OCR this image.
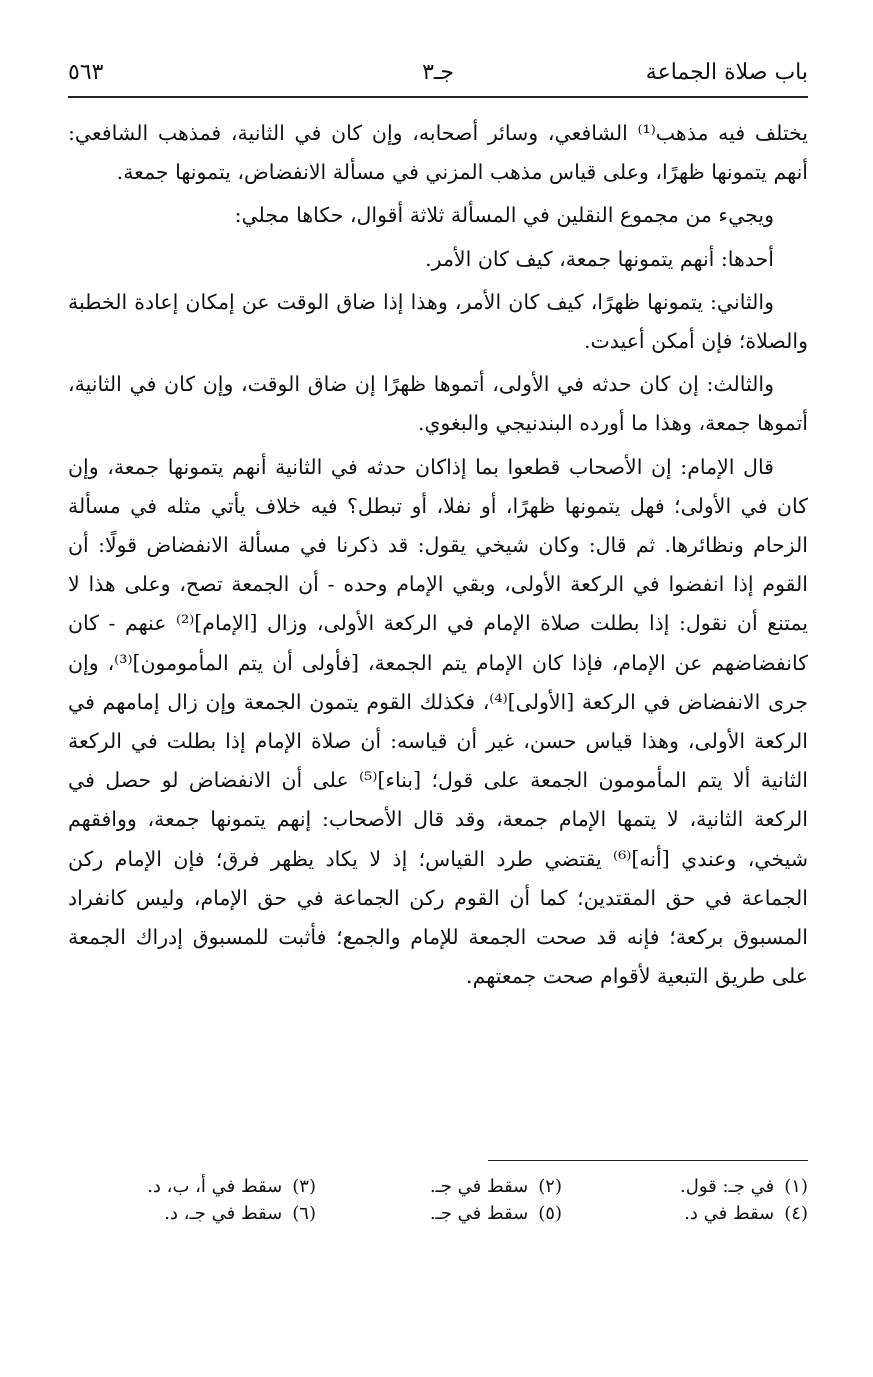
باب صلاة الجماعة
جـ٣
٥٦٣

يختلف فيه مذهب⁽¹⁾ الشافعي، وسائر أصحابه، وإن كان في الثانية، فمذهب الشافعي: أنهم يتمونها ظهرًا، وعلى قياس مذهب المزني في مسألة الانفضاض، يتمونها جمعة.

ويجيء من مجموع النقلين في المسألة ثلاثة أقوال، حكاها مجلي:

أحدها: أنهم يتمونها جمعة، كيف كان الأمر.

والثاني: يتمونها ظهرًا، كيف كان الأمر، وهذا إذا ضاق الوقت عن إمكان إعادة الخطبة والصلاة؛ فإن أمكن أعيدت.

والثالث: إن كان حدثه في الأولى، أتموها ظهرًا إن ضاق الوقت، وإن كان في الثانية، أتموها جمعة، وهذا ما أورده البندنيجي والبغوي.

قال الإمام: إن الأصحاب قطعوا بما إذاكان حدثه في الثانية أنهم يتمونها جمعة، وإن كان في الأولى؛ فهل يتمونها ظهرًا، أو نفلا، أو تبطل؟ فيه خلاف يأتي مثله في مسألة الزحام ونظائرها. ثم قال: وكان شيخي يقول: قد ذكرنا في مسألة الانفضاض قولًا: أن القوم إذا انفضوا في الركعة الأولى، وبقي الإمام وحده - أن الجمعة تصح، وعلى هذا لا يمتنع أن نقول: إذا بطلت صلاة الإمام في الركعة الأولى، وزال [الإمام]⁽²⁾ عنهم - كان كانفضاضهم عن الإمام، فإذا كان الإمام يتم الجمعة، [فأولى أن يتم المأمومون]⁽³⁾، وإن جرى الانفضاض في الركعة [الأولى]⁽⁴⁾، فكذلك القوم يتمون الجمعة وإن زال إمامهم في الركعة الأولى، وهذا قياس حسن، غير أن قياسه: أن صلاة الإمام إذا بطلت في الركعة الثانية ألا يتم المأمومون الجمعة على قول؛ [بناء]⁽⁵⁾ على أن الانفضاض لو حصل في الركعة الثانية، لا يتمها الإمام جمعة، وقد قال الأصحاب: إنهم يتمونها جمعة، ووافقهم شيخي، وعندي [أنه]⁽⁶⁾ يقتضي طرد القياس؛ إذ لا يكاد يظهر فرق؛ فإن الإمام ركن الجماعة في حق المقتدين؛ كما أن القوم ركن الجماعة في حق الإمام، وليس كانفراد المسبوق بركعة؛ فإنه قد صحت الجمعة للإمام والجمع؛ فأثبت للمسبوق إدراك الجمعة على طريق التبعية لأقوام صحت جمعتهم.

(١)في جـ: قول.
(٢)سقط في جـ.
(٣)سقط في أ، ب، د.
(٤)سقط في د.
(٥)سقط في جـ.
(٦)سقط في جـ، د.
